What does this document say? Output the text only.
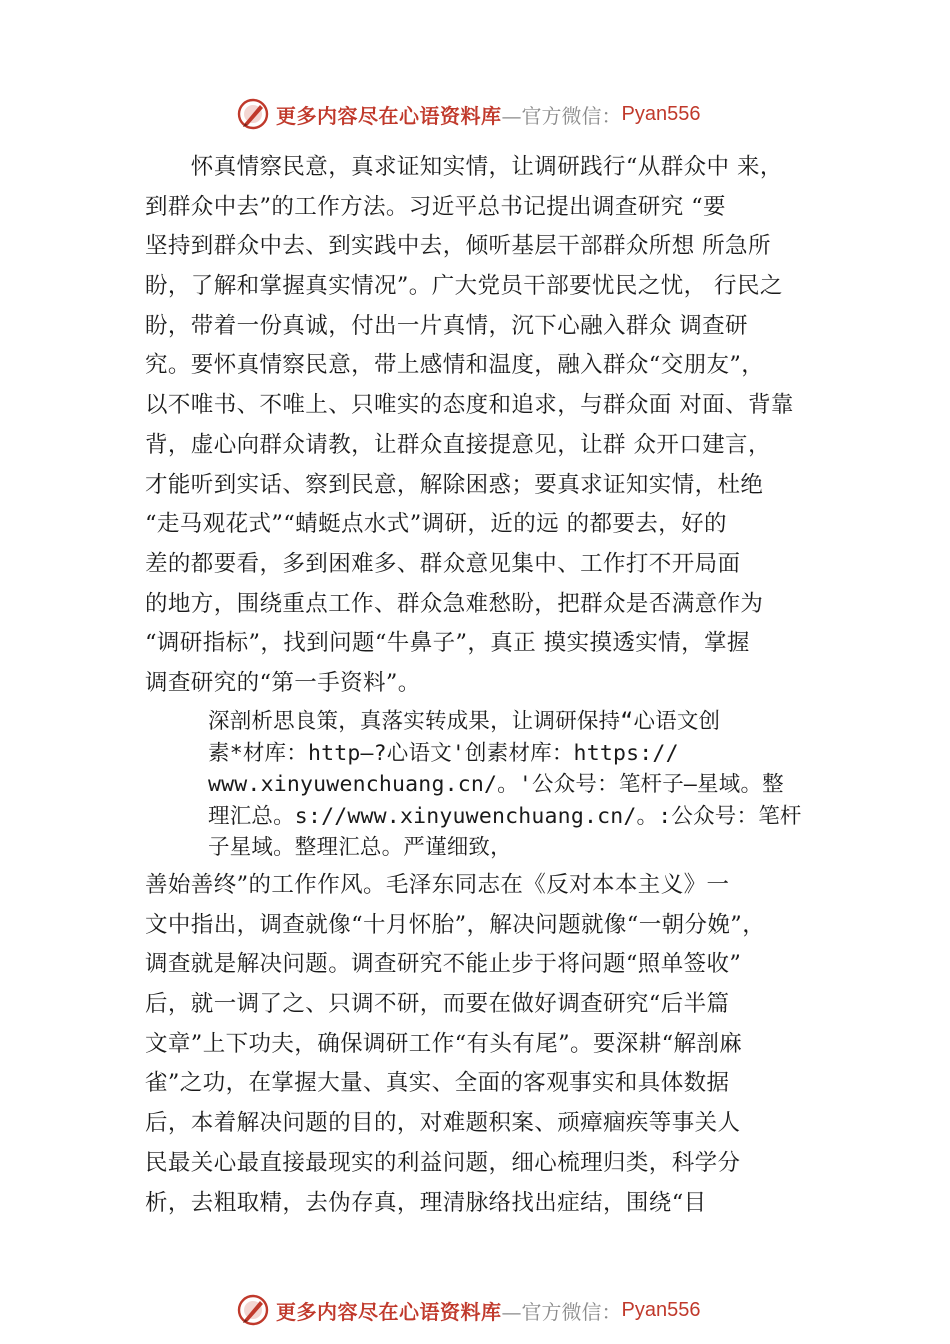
更多内容尽在心语资料库 —官方微信： Pyan556
　　怀真情察民意，真求证知实情，让调研践行“从群众中 来，
到群众中去”的工作方法。习近平总书记提出调查研究 “要
坚持到群众中去、到实践中去，倾听基层干部群众所想 所急所
盼，了解和掌握真实情况”。广大党员干部要忧民之忧， 行民之
盼，带着一份真诚，付出一片真情，沉下心融入群众 调查研
究。要怀真情察民意，带上感情和温度，融入群众“交朋友”，
以不唯书、不唯上、只唯实的态度和追求，与群众面 对面、背靠
背，虚心向群众请教，让群众直接提意见，让群 众开口建言，
才能听到实话、察到民意，解除困惑；要真求证知实情，杜绝
“走马观花式”“蜻蜓点水式”调研，近的远 的都要去，好的
差的都要看，多到困难多、群众意见集中、工作打不开局面
的地方，围绕重点工作、群众急难愁盼，把群众是否满意作为
“调研指标”，找到问题“牛鼻子”，真正 摸实摸透实情，掌握
调查研究的“第一手资料”。
深剖析思良策，真落实转成果，让调研保持“心语文创
素*材库：http—?心语文'创素材库：https://
www.xinyuwenchuang.cn/。'公众号：笔杆子—星域。整
理汇总。s://www.xinyuwenchuang.cn/。:公众号：笔杆
子星域。整理汇总。严谨细致，
善始善终”的工作作风。毛泽东同志在《反对本本主义》一
文中指出，调查就像“十月怀胎”，解决问题就像“一朝分娩”，
调查就是解决问题。调查研究不能止步于将问题“照单签收”
后，就一调了之、只调不研，而要在做好调查研究“后半篇
文章”上下功夫，确保调研工作“有头有尾”。要深耕“解剖麻
雀”之功，在掌握大量、真实、全面的客观事实和具体数据
后，本着解决问题的目的，对难题积案、顽瘴痼疾等事关人
民最关心最直接最现实的利益问题，细心梳理归类，科学分
析，去粗取精，去伪存真，理清脉络找出症结，围绕“目
更多内容尽在心语资料库 —官方微信： Pyan556
